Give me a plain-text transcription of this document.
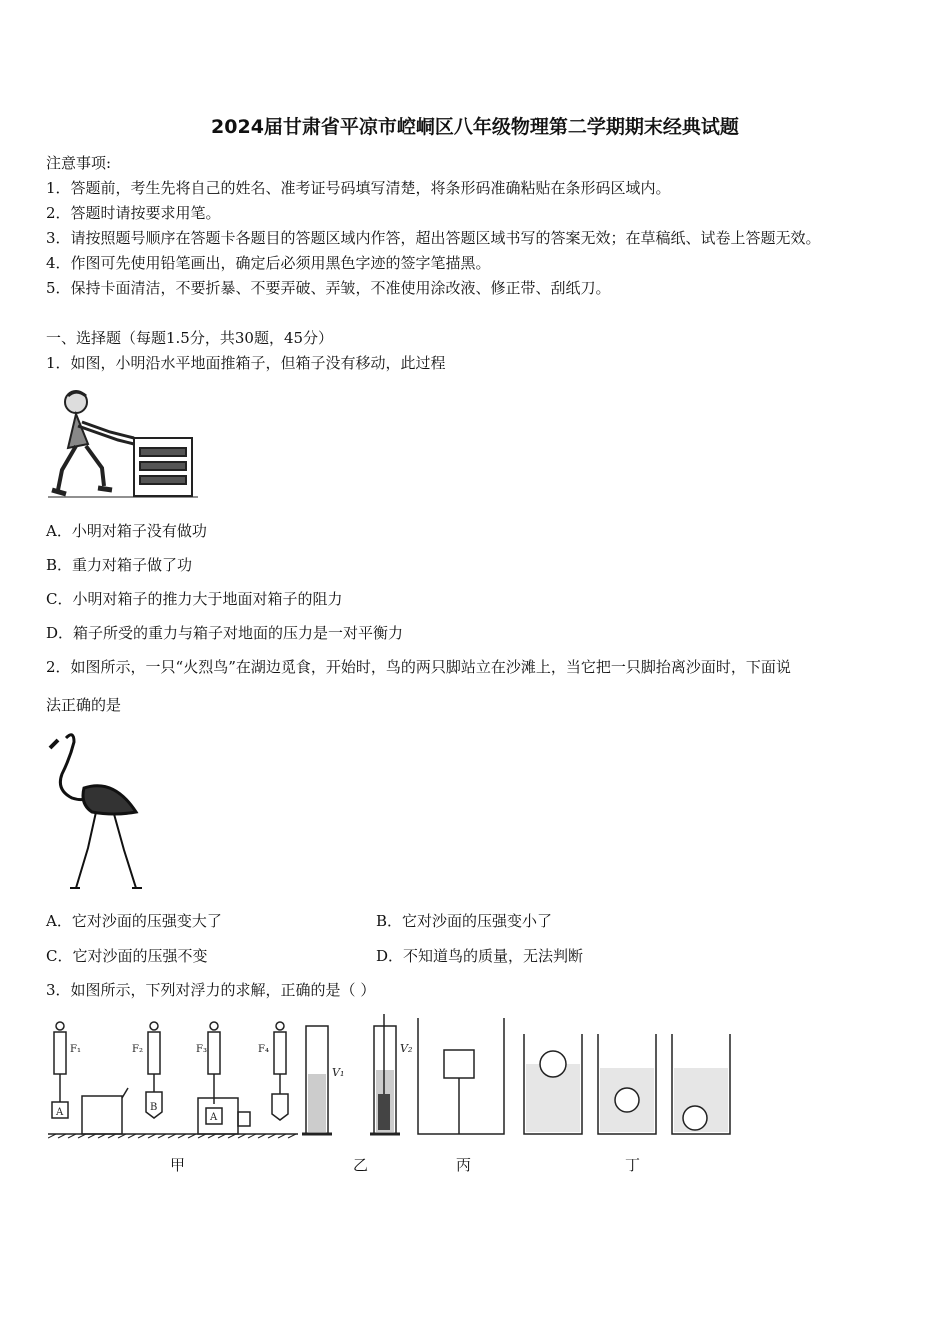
2024届甘肃省平凉市崆峒区八年级物理第二学期期末经典试题
注意事项:
1．答题前，考生先将自己的姓名、准考证号码填写清楚，将条形码准确粘贴在条形码区域内。
2．答题时请按要求用笔。
3．请按照题号顺序在答题卡各题目的答题区域内作答，超出答题区域书写的答案无效；在草稿纸、试卷上答题无效。
4．作图可先使用铅笔画出，确定后必须用黑色字迹的签字笔描黑。
5．保持卡面清洁，不要折暴、不要弄破、弄皱，不准使用涂改液、修正带、刮纸刀。
一、选择题（每题1.5分，共30题，45分）
1．如图，小明沿水平地面推箱子，但箱子没有移动，此过程
A．小明对箱子没有做功
B．重力对箱子做了功
C．小明对箱子的推力大于地面对箱子的阻力
D．箱子所受的重力与箱子对地面的压力是一对平衡力
2．如图所示，一只“火烈鸟”在湖边觅食，开始时，鸟的两只脚站立在沙滩上，当它把一只脚抬离沙面时，下面说
法正确的是
A．它对沙面的压强变大了	B．它对沙面的压强变小了
C．它对沙面的压强不变	D．不知道鸟的质量，无法判断
3．如图所示，下列对浮力的求解，正确的是（ ）
F₁	F₂	F₃	F₄
A	B
A
V₁
V₂
甲	乙	丙	丁
